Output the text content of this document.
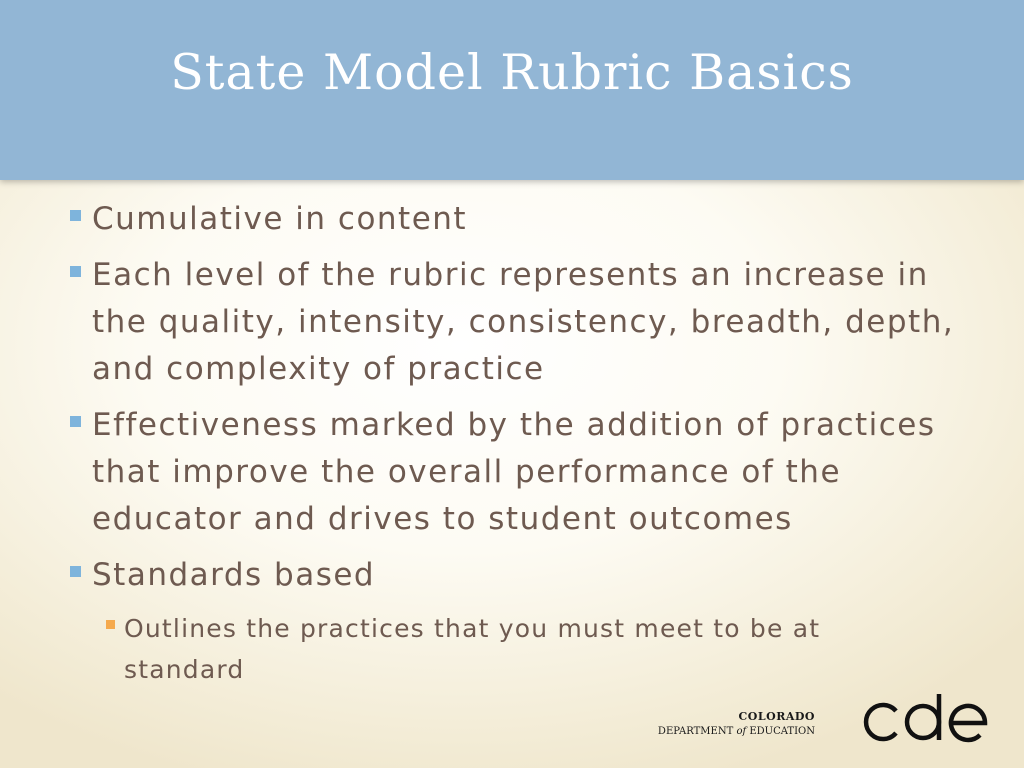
State Model Rubric Basics
Cumulative in content
Each level of the rubric represents an increase in the quality, intensity, consistency, breadth, depth, and complexity of practice
Effectiveness marked by the addition of practices that improve the overall performance of the educator and drives to student outcomes
Standards based
Outlines the practices that you must meet to be at standard
COLORADO
DEPARTMENT of EDUCATION
